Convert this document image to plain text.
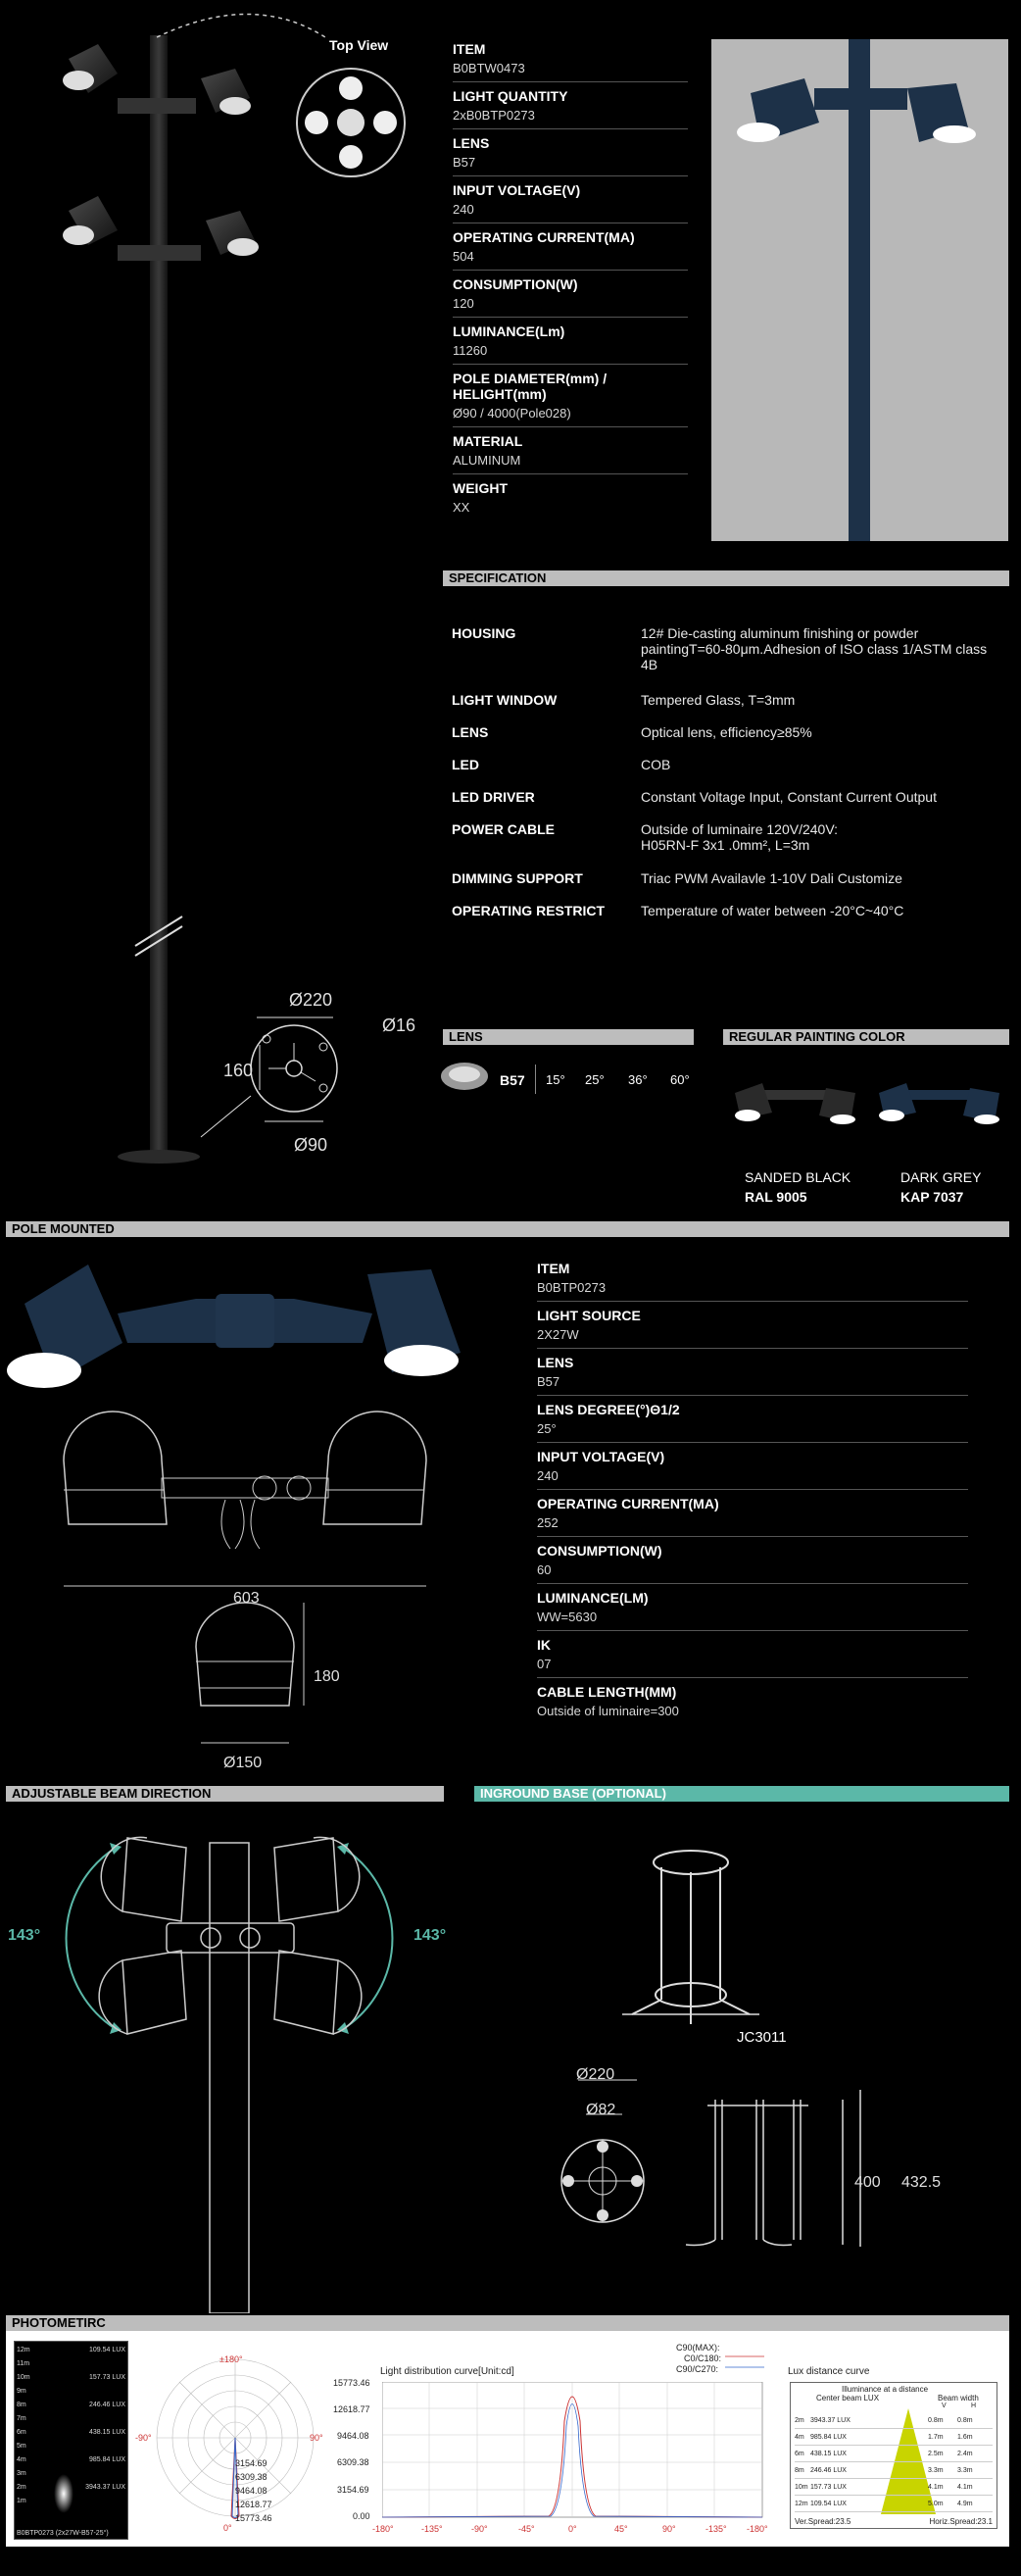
Top View
Ø220
Ø16
160
Ø90
ITEM
B0BTW0473
LIGHT QUANTITY
2xB0BTP0273
LENS
B57
INPUT VOLTAGE(V)
240
OPERATING CURRENT(MA)
504
CONSUMPTION(W)
120
LUMINANCE(Lm)
11260
POLE DIAMETER(mm) / HELIGHT(mm)
Ø90 / 4000(Pole028)
MATERIAL
ALUMINUM
WEIGHT
XX
SPECIFICATION
HOUSING	12# Die-casting aluminum finishing or powder paintingT=60-80μm.Adhesion of ISO class 1/ASTM class 4B
LIGHT WINDOW	Tempered Glass, T=3mm
LENS	Optical lens, efficiency≥85%
LED	COB
LED DRIVER	Constant Voltage Input, Constant Current Output
POWER CABLE	Outside of luminaire 120V/240V: H05RN-F 3x1 .0mm², L=3m
DIMMING SUPPORT	Triac PWM Availavle 1-10V Dali Customize
OPERATING RESTRICT	Temperature of water between -20°C~40°C
LENS
B57 15° 25° 36° 60°
REGULAR PAINTING COLOR
SANDED BLACK
RAL 9005
DARK GREY
KAP 7037
POLE MOUNTED
603
180
Ø150
ITEM
B0BTP0273
LIGHT SOURCE
2X27W
LENS
B57
LENS DEGREE(°)Θ1/2
25°
INPUT VOLTAGE(V)
240
OPERATING CURRENT(MA)
252
CONSUMPTION(W)
60
LUMINANCE(LM)
WW=5630
IK
07
CABLE LENGTH(MM)
Outside of luminaire=300
ADJUSTABLE BEAM DIRECTION	INGROUND BASE (OPTIONAL)
143°	143°
JC3011
Ø220
Ø82
400 432.5
PHOTOMETIRC
12m	109.54 LUX
11m
10m	157.73 LUX
9m
8m	246.46 LUX
7m
6m	438.15 LUX
5m
4m	985.84 LUX
3m
2m	3943.37 LUX
1m
B0BTP0273 (2x27W-B57-25°)
±180°
-90°	90°
0°
3154.69
6309.38
9464.08
12618.77
15773.46
Light distribution curve[Unit:cd]
C90(MAX):
C0/C180:
C90/C270:
15773.46
12618.77
9464.08
6309.38
3154.69
0.00
-180°	-135°	-90°	-45°	0°	45°	90°	-135° -180°
Lux distance curve
Illuminance at a distance
Center beam LUX	Beam width
V	H
2m 3943.37 LUX	0.8m 0.8m
4m 985.84 LUX	1.7m 1.6m
6m 438.15 LUX	2.5m 2.4m
8m 246.46 LUX	3.3m 3.3m
10m 157.73 LUX	4.1m 4.1m
12m 109.54 LUX	5.0m 4.9m
Ver.Spread:23.5	Horiz.Spread:23.1
